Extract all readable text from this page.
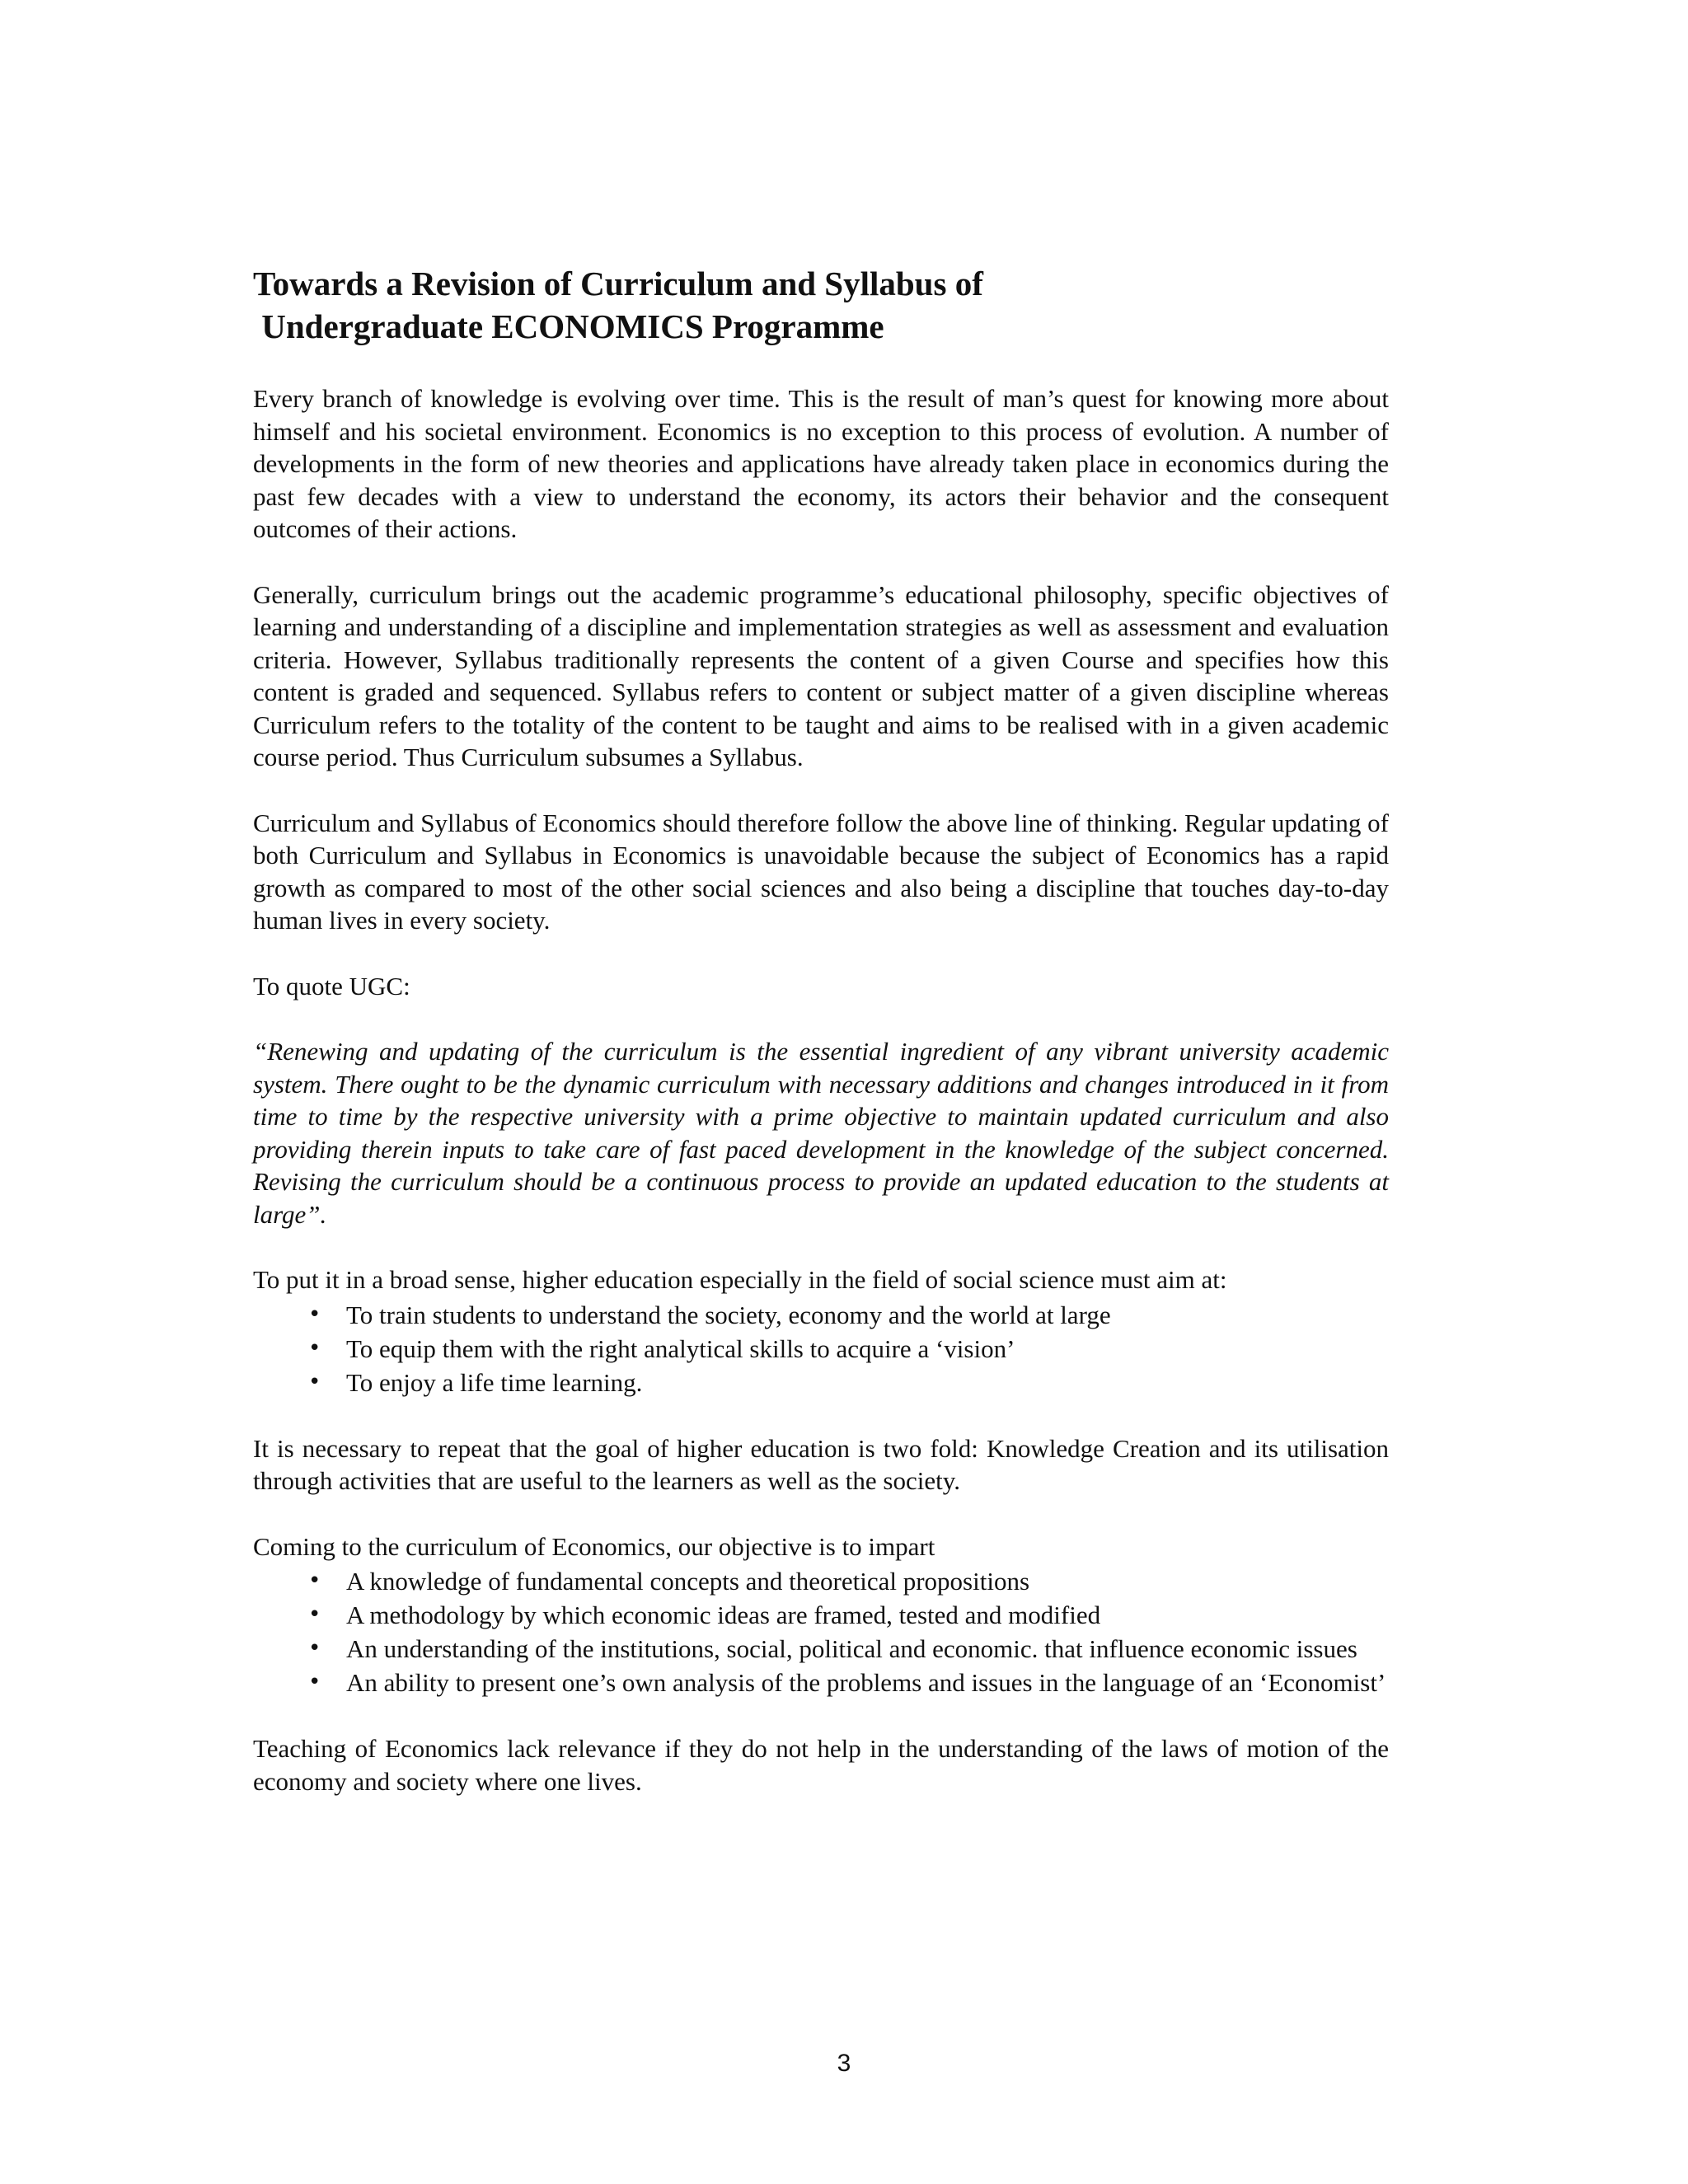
Towards a Revision of Curriculum and Syllabus of
Undergraduate ECONOMICS Programme

Every branch of knowledge is evolving over time. This is the result of man’s quest for knowing more about himself and his societal environment. Economics is no exception to this process of evolution. A number of developments in the form of new theories and applications have already taken place in economics during the past few decades with a view to understand the economy, its actors their behavior and the consequent outcomes of their actions.

Generally, curriculum brings out the academic programme’s educational philosophy, specific objectives of learning and understanding of a discipline and implementation strategies as well as assessment and evaluation criteria. However, Syllabus traditionally represents the content of a given Course and specifies how this content is graded and sequenced. Syllabus refers to content or subject matter of a given discipline whereas Curriculum refers to the totality of the content to be taught and aims to be realised with in a given academic course period. Thus Curriculum subsumes a Syllabus.

Curriculum and Syllabus of Economics should therefore follow the above line of thinking. Regular updating of both Curriculum and Syllabus in Economics is unavoidable because the subject of Economics has a rapid growth as compared to most of the other social sciences and also being a discipline that touches day-to-day human lives in every society.

To quote UGC:

“Renewing and updating of the curriculum is the essential ingredient of any vibrant university academic system. There ought to be the dynamic curriculum with necessary additions and changes introduced in it from time to time by the respective university with a prime objective to maintain updated curriculum and also providing therein inputs to take care of fast paced development in the knowledge of the subject concerned. Revising the curriculum should be a continuous process to provide an updated education to the students at large”.

To put it in a broad sense, higher education especially in the field of social science must aim at:

• To train students to understand the society, economy and the world at large
• To equip them with the right analytical skills to acquire a ‘vision’
• To enjoy a life time learning.

It is necessary to repeat that the goal of higher education is two fold: Knowledge Creation and its utilisation through activities that are useful to the learners as well as the society.

Coming to the curriculum of Economics, our objective is to impart

• A knowledge of fundamental concepts and theoretical propositions
• A methodology by which economic ideas are framed, tested and modified
• An understanding of the institutions, social, political and economic. that influence economic issues
• An ability to present one’s own analysis of the problems and issues in the language of an ‘Economist’

Teaching of Economics lack relevance if they do not help in the understanding of the laws of motion of the economy and society where one lives.

3
